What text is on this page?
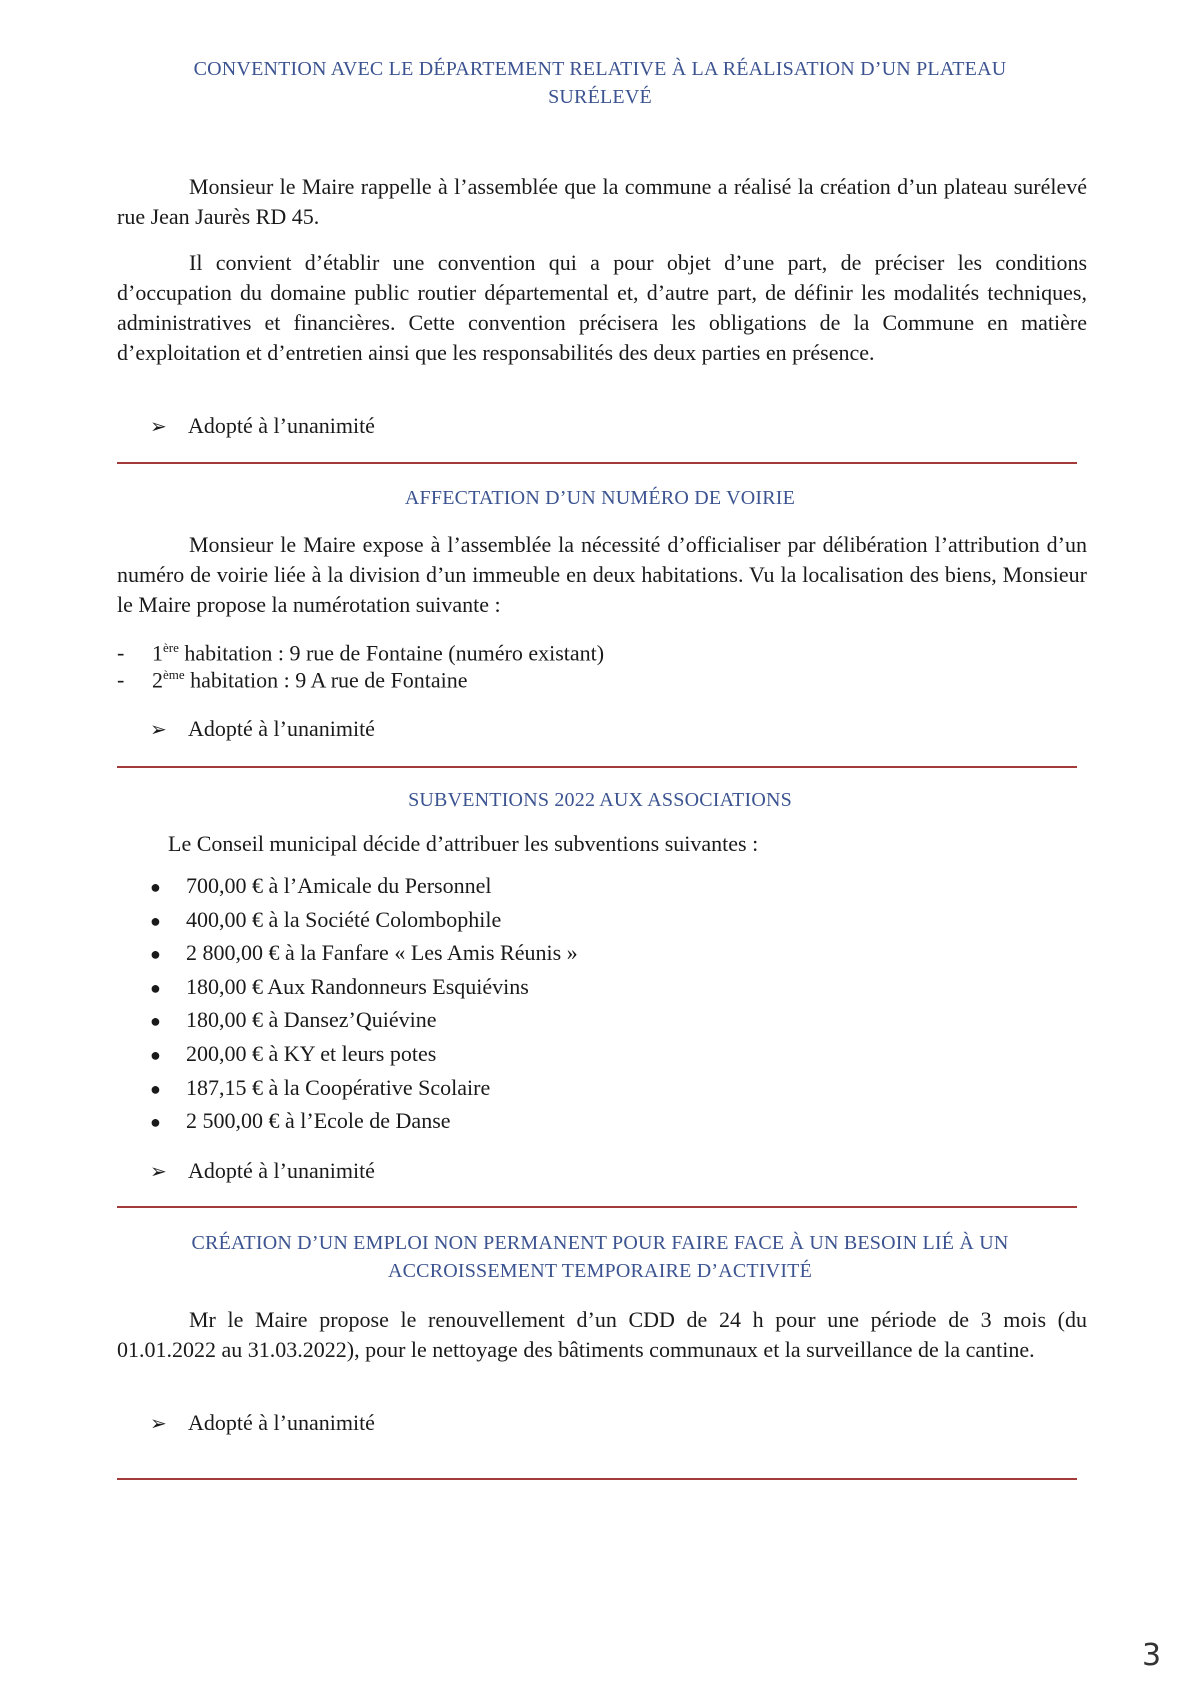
CONVENTION AVEC LE DÉPARTEMENT RELATIVE À LA RÉALISATION D’UN PLATEAU
SURÉLEVÉ
Monsieur le Maire rappelle à l’assemblée que la commune a réalisé la création d’un plateau surélevé rue Jean Jaurès RD 45.
Il convient d’établir une convention qui a pour objet d’une part, de préciser les conditions d’occupation du domaine public routier départemental et, d’autre part, de définir les modalités techniques, administratives et financières. Cette convention précisera les obligations de la Commune en matière d’exploitation et d’entretien ainsi que les responsabilités des deux parties en présence.
➢ Adopté à l’unanimité
AFFECTATION D’UN NUMÉRO DE VOIRIE
Monsieur le Maire expose à l’assemblée la nécessité d’officialiser par délibération l’attribution d’un numéro de voirie liée à la division d’un immeuble en deux habitations. Vu la localisation des biens, Monsieur le Maire propose la numérotation suivante :
- 1ère habitation : 9 rue de Fontaine (numéro existant)
- 2ème habitation : 9 A rue de Fontaine
➢ Adopté à l’unanimité
SUBVENTIONS 2022 AUX ASSOCIATIONS
Le Conseil municipal décide d’attribuer les subventions suivantes :
● 700,00 € à l’Amicale du Personnel
● 400,00 € à la Société Colombophile
● 2 800,00 € à la Fanfare « Les Amis Réunis »
● 180,00 € Aux Randonneurs Esquiévins
● 180,00 € à Dansez’Quiévine
● 200,00 € à KY et leurs potes
● 187,15 € à la Coopérative Scolaire
● 2 500,00 € à l’Ecole de Danse
➢ Adopté à l’unanimité
CRÉATION D’UN EMPLOI NON PERMANENT POUR FAIRE FACE À UN BESOIN LIÉ À UN
ACCROISSEMENT TEMPORAIRE D’ACTIVITÉ
Mr le Maire propose le renouvellement d’un CDD de 24 h pour une période de 3 mois (du 01.01.2022 au 31.03.2022), pour le nettoyage des bâtiments communaux et la surveillance de la cantine.
➢ Adopté à l’unanimité
3
